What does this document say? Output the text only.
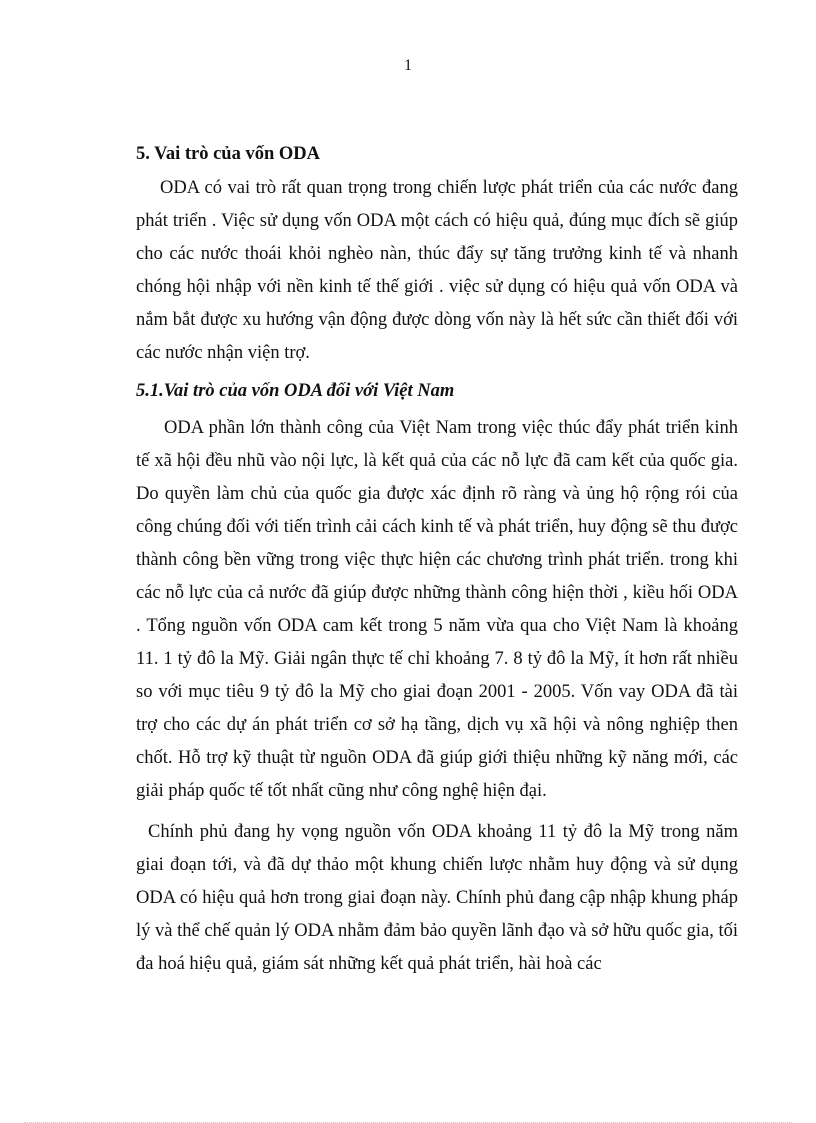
1

5. Vai trò của vốn ODA

ODA có vai trò rất quan trọng trong chiến lược phát triển của các nước đang phát triển . Việc sử dụng vốn ODA một cách có hiệu quả, đúng mục đích sẽ giúp cho các nước thoái khỏi nghèo nàn, thúc đẩy sự tăng trưởng kinh tế và nhanh chóng hội nhập với nền kinh tế thế giới . việc sử dụng có hiệu quả vốn ODA và nắm bắt được xu hướng vận động được dòng vốn này là hết sức cần thiết đối với các nước nhận viện trợ.

5.1.Vai trò của vốn ODA đối với Việt Nam

ODA phần lớn thành công của Việt Nam trong việc thúc đẩy phát triển kinh tế xã hội đều nhũ vào nội lực, là kết quả của các nỗ lực đã cam kết của quốc gia. Do quyền làm chủ của quốc gia được xác định rõ ràng và ủng hộ rộng rói của công chúng đối với tiến trình cải cách kinh tế và phát triển, huy động sẽ thu được thành công bền vững trong việc thực hiện các chương trình phát triển. trong khi các nỗ lực của cả nước đã giúp được những thành công hiện thời , kiều hối ODA . Tổng nguồn vốn ODA cam kết trong 5 năm vừa qua cho Việt Nam là khoảng 11. 1 tỷ đô la Mỹ. Giải ngân thực tế chỉ khoảng 7. 8 tỷ đô la Mỹ, ít hơn rất nhiều so với mục tiêu 9 tỷ đô la Mỹ cho giai đoạn 2001 - 2005. Vốn vay ODA đã tài trợ cho các dự án phát triển cơ sở hạ tầng, dịch vụ xã hội và nông nghiệp then chốt. Hỗ trợ kỹ thuật từ nguồn ODA đã giúp giới thiệu những kỹ năng mới, các giải pháp quốc tế tốt nhất cũng như công nghệ hiện đại.

Chính phủ đang hy vọng nguồn vốn ODA khoảng 11 tỷ đô la Mỹ trong năm giai đoạn tới, và đã dự thảo một khung chiến lược nhằm huy động và sử dụng ODA có hiệu quả hơn trong giai đoạn này. Chính phủ đang cập nhập khung pháp lý và thể chế quản lý ODA nhằm đảm bảo quyền lãnh đạo và sở hữu quốc gia, tối đa hoá hiệu quả, giám sát những kết quả phát triển, hài hoà các
